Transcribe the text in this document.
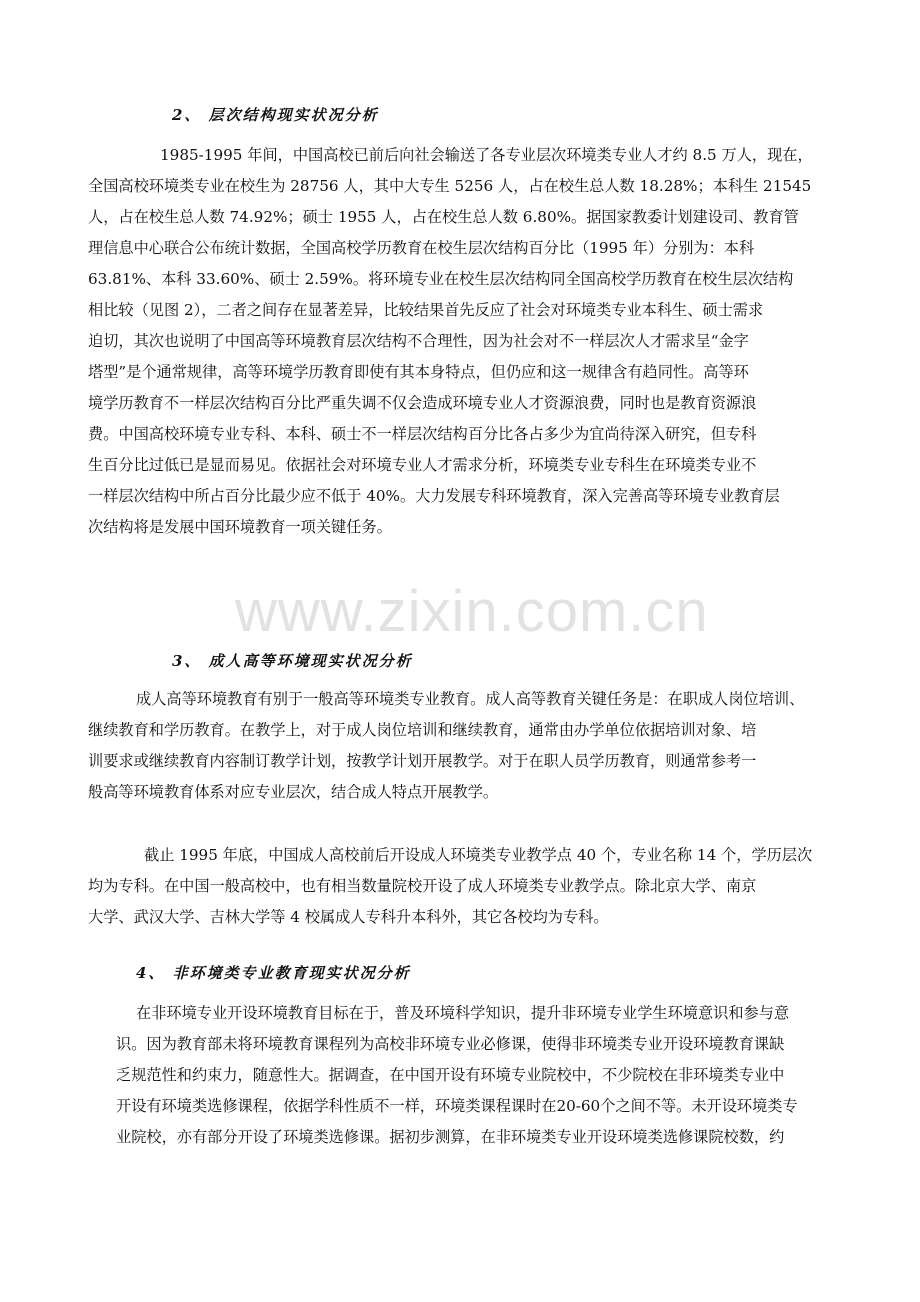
www.zixin.com.cn
2、 层次结构现实状况分析
1985-1995 年间，中国高校已前后向社会输送了各专业层次环境类专业人才约 8.5 万人，现在，
全国高校环境类专业在校生为 28756 人，其中大专生 5256 人，占在校生总人数 18.28%；本科生 21545
人，占在校生总人数 74.92%；硕士 1955 人，占在校生总人数 6.80%。据国家教委计划建设司、教育管
理信息中心联合公布统计数据，全国高校学历教育在校生层次结构百分比（1995 年）分别为：本科
63.81%、本科 33.60%、硕士 2.59%。将环境专业在校生层次结构同全国高校学历教育在校生层次结构
相比较（见图 2），二者之间存在显著差异，比较结果首先反应了社会对环境类专业本科生、硕士需求
迫切，其次也说明了中国高等环境教育层次结构不合理性，因为社会对不一样层次人才需求呈“金字
塔型”是个通常规律，高等环境学历教育即使有其本身特点，但仍应和这一规律含有趋同性。高等环
境学历教育不一样层次结构百分比严重失调不仅会造成环境专业人才资源浪费，同时也是教育资源浪
费。中国高校环境专业专科、本科、硕士不一样层次结构百分比各占多少为宜尚待深入研究，但专科
生百分比过低已是显而易见。依据社会对环境专业人才需求分析，环境类专业专科生在环境类专业不
一样层次结构中所占百分比最少应不低于 40%。大力发展专科环境教育，深入完善高等环境专业教育层
次结构将是发展中国环境教育一项关键任务。
3、 成人高等环境现实状况分析
成人高等环境教育有别于一般高等环境类专业教育。成人高等教育关键任务是：在职成人岗位培训、
继续教育和学历教育。在教学上，对于成人岗位培训和继续教育，通常由办学单位依据培训对象、培
训要求或继续教育内容制订教学计划，按教学计划开展教学。对于在职人员学历教育，则通常参考一
般高等环境教育体系对应专业层次，结合成人特点开展教学。
截止 1995 年底，中国成人高校前后开设成人环境类专业教学点 40 个，专业名称 14 个，学历层次
均为专科。在中国一般高校中，也有相当数量院校开设了成人环境类专业教学点。除北京大学、南京
大学、武汉大学、吉林大学等 4 校属成人专科升本科外，其它各校均为专科。
4、 非环境类专业教育现实状况分析
在非环境专业开设环境教育目标在于，普及环境科学知识，提升非环境专业学生环境意识和参与意
识。因为教育部未将环境教育课程列为高校非环境专业必修课，使得非环境类专业开设环境教育课缺
乏规范性和约束力，随意性大。据调查，在中国开设有环境专业院校中，不少院校在非环境类专业中
开设有环境类选修课程，依据学科性质不一样，环境类课程课时在20-60个之间不等。未开设环境类专
业院校，亦有部分开设了环境类选修课。据初步测算，在非环境类专业开设环境类选修课院校数，约
